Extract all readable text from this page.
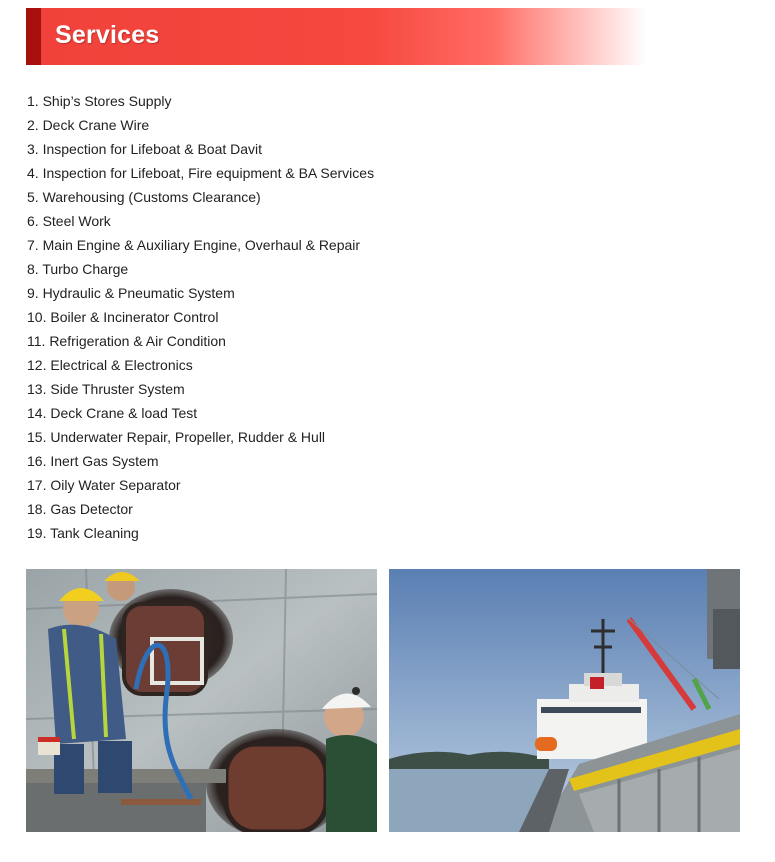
Services
1. Ship’s Stores Supply
2. Deck Crane Wire
3. Inspection for Lifeboat & Boat Davit
4. Inspection for Lifeboat, Fire equipment & BA Services
5. Warehousing (Customs Clearance)
6. Steel Work
7. Main Engine & Auxiliary Engine, Overhaul & Repair
8. Turbo Charge
9. Hydraulic & Pneumatic System
10. Boiler & Incinerator Control
11. Refrigeration & Air Condition
12. Electrical & Electronics
13. Side Thruster System
14. Deck Crane & load Test
15. Underwater Repair, Propeller, Rudder & Hull
16. Inert Gas System
17. Oily Water Separator
18. Gas Detector
19. Tank Cleaning
